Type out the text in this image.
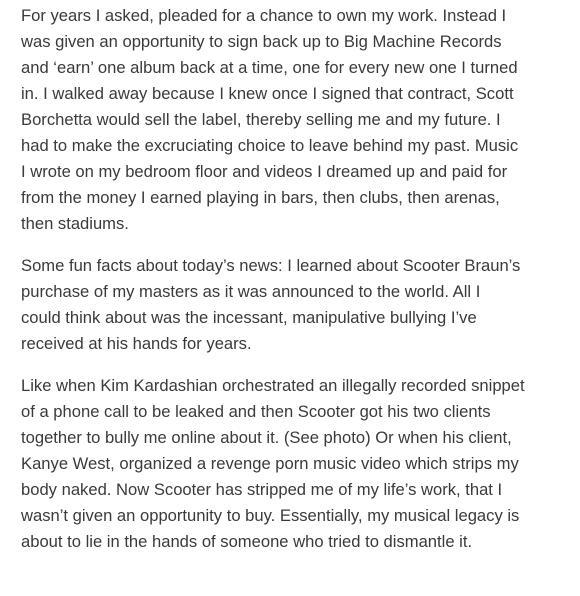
For years I asked, pleaded for a chance to own my work. Instead I
was given an opportunity to sign back up to Big Machine Records
and ‘earn’ one album back at a time, one for every new one I turned
in. I walked away because I knew once I signed that contract, Scott
Borchetta would sell the label, thereby selling me and my future. I
had to make the excruciating choice to leave behind my past. Music
I wrote on my bedroom floor and videos I dreamed up and paid for
from the money I earned playing in bars, then clubs, then arenas,
then stadiums.
Some fun facts about today’s news: I learned about Scooter Braun’s
purchase of my masters as it was announced to the world. All I
could think about was the incessant, manipulative bullying I’ve
received at his hands for years.
Like when Kim Kardashian orchestrated an illegally recorded snippet
of a phone call to be leaked and then Scooter got his two clients
together to bully me online about it. (See photo) Or when his client,
Kanye West, organized a revenge porn music video which strips my
body naked. Now Scooter has stripped me of my life’s work, that I
wasn’t given an opportunity to buy. Essentially, my musical legacy is
about to lie in the hands of someone who tried to dismantle it.
